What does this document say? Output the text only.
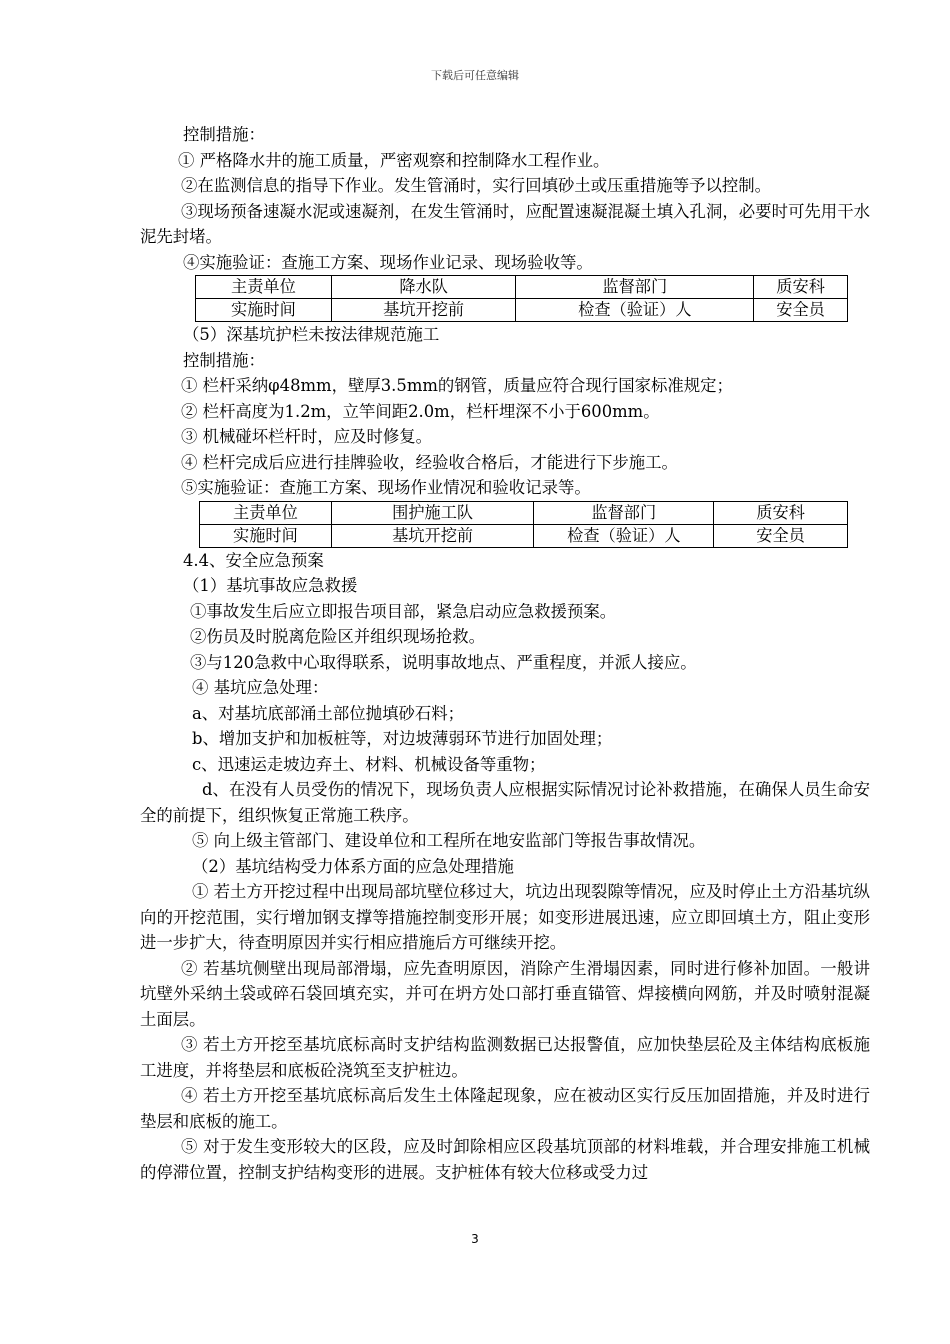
下载后可任意编辑
控制措施：
① 严格降水井的施工质量，严密观察和控制降水工程作业。
②在监测信息的指导下作业。发生管涌时，实行回填砂土或压重措施等予以控制。
③现场预备速凝水泥或速凝剂，在发生管涌时，应配置速凝混凝土填入孔洞，必要时可先用干水泥先封堵。
④实施验证：查施工方案、现场作业记录、现场验收等。
主责单位	降水队	监督部门	质安科
实施时间	基坑开挖前	检查（验证）人	安全员
（5）深基坑护栏未按法律规范施工
控制措施：
① 栏杆采纳φ48mm，壁厚3.5mm的钢管，质量应符合现行国家标准规定；
② 栏杆高度为1.2m，立竿间距2.0m，栏杆埋深不小于600mm。
③ 机械碰坏栏杆时，应及时修复。
④ 栏杆完成后应进行挂牌验收，经验收合格后，才能进行下步施工。
⑤实施验证：查施工方案、现场作业情况和验收记录等。
主责单位	围护施工队	监督部门	质安科
实施时间	基坑开挖前	检查（验证）人	安全员
4.4、安全应急预案
（1）基坑事故应急救援
①事故发生后应立即报告项目部，紧急启动应急救援预案。
②伤员及时脱离危险区并组织现场抢救。
③与120急救中心取得联系，说明事故地点、严重程度，并派人接应。
④ 基坑应急处理：
a、对基坑底部涌土部位抛填砂石料；
b、增加支护和加板桩等，对边坡薄弱环节进行加固处理；
c、迅速运走坡边弃土、材料、机械设备等重物；
d、在没有人员受伤的情况下，现场负责人应根据实际情况讨论补救措施，在确保人员生命安全的前提下，组织恢复正常施工秩序。
⑤ 向上级主管部门、建设单位和工程所在地安监部门等报告事故情况。
（2）基坑结构受力体系方面的应急处理措施
① 若土方开挖过程中出现局部坑壁位移过大，坑边出现裂隙等情况，应及时停止土方沿基坑纵向的开挖范围，实行增加钢支撑等措施控制变形开展；如变形进展迅速，应立即回填土方，阻止变形进一步扩大，待查明原因并实行相应措施后方可继续开挖。
② 若基坑侧壁出现局部滑塌，应先查明原因，消除产生滑塌因素，同时进行修补加固。一般讲坑壁外采纳土袋或碎石袋回填充实，并可在坍方处口部打垂直锚管、焊接横向网筋，并及时喷射混凝土面层。
③ 若土方开挖至基坑底标高时支护结构监测数据已达报警值，应加快垫层砼及主体结构底板施工进度，并将垫层和底板砼浇筑至支护桩边。
④ 若土方开挖至基坑底标高后发生土体隆起现象，应在被动区实行反压加固措施，并及时进行垫层和底板的施工。
⑤ 对于发生变形较大的区段，应及时卸除相应区段基坑顶部的材料堆载，并合理安排施工机械的停滞位置，控制支护结构变形的进展。支护桩体有较大位移或受力过
3
